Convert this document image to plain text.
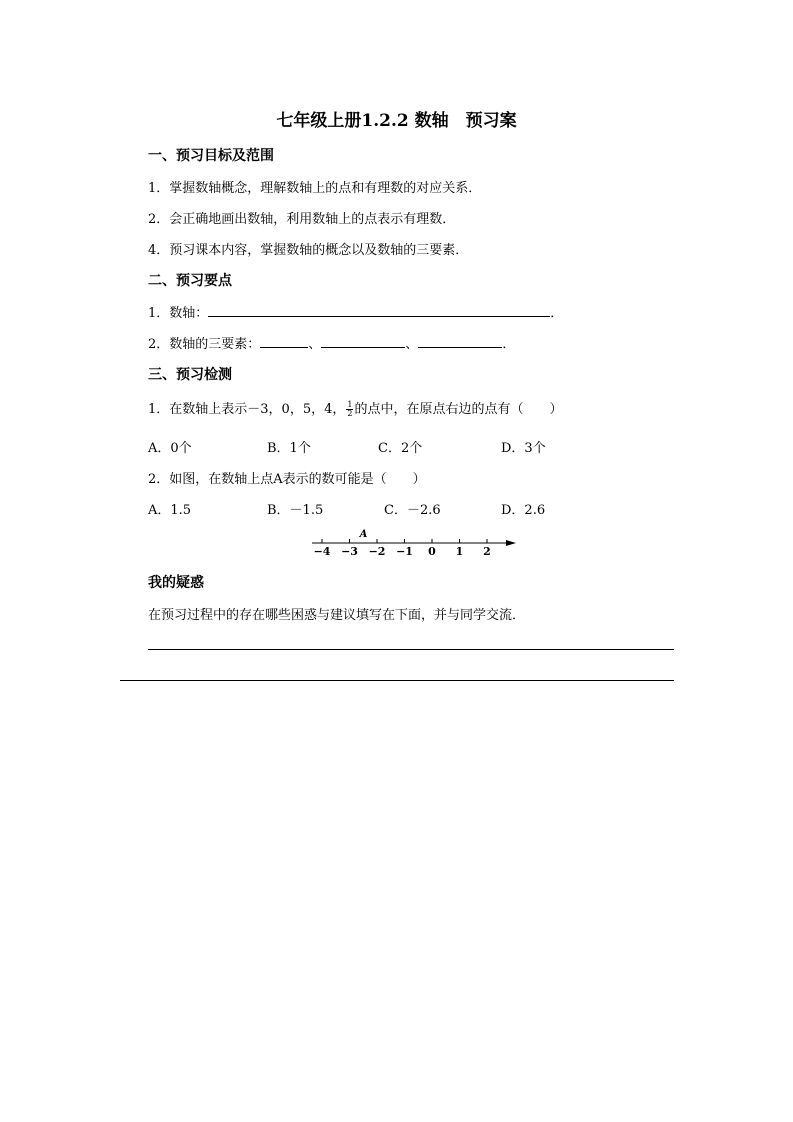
七年级上册1.2.2 数轴　预习案
一、预习目标及范围
1．掌握数轴概念，理解数轴上的点和有理数的对应关系．
2．会正确地画出数轴，利用数轴上的点表示有理数．
4．预习课本内容，掌握数轴的概念以及数轴的三要素．
二、预习要点
1．数轴：	．
2．数轴的三要素：	、	、	．
三、预习检测
1．在数轴上表示－3，0，5，4， $\frac{1}{2}$ 的点中，在原点右边的点有（　　）
A．0个	B．1个	C．2个	D．3个
2．如图，在数轴上点A表示的数可能是（　　）
A．1.5	B．－1.5	C．－2.6	D．2.6
−4 −3 −2 −1 0 1 2
A
我的疑惑
在预习过程中的存在哪些困惑与建议填写在下面，并与同学交流．
